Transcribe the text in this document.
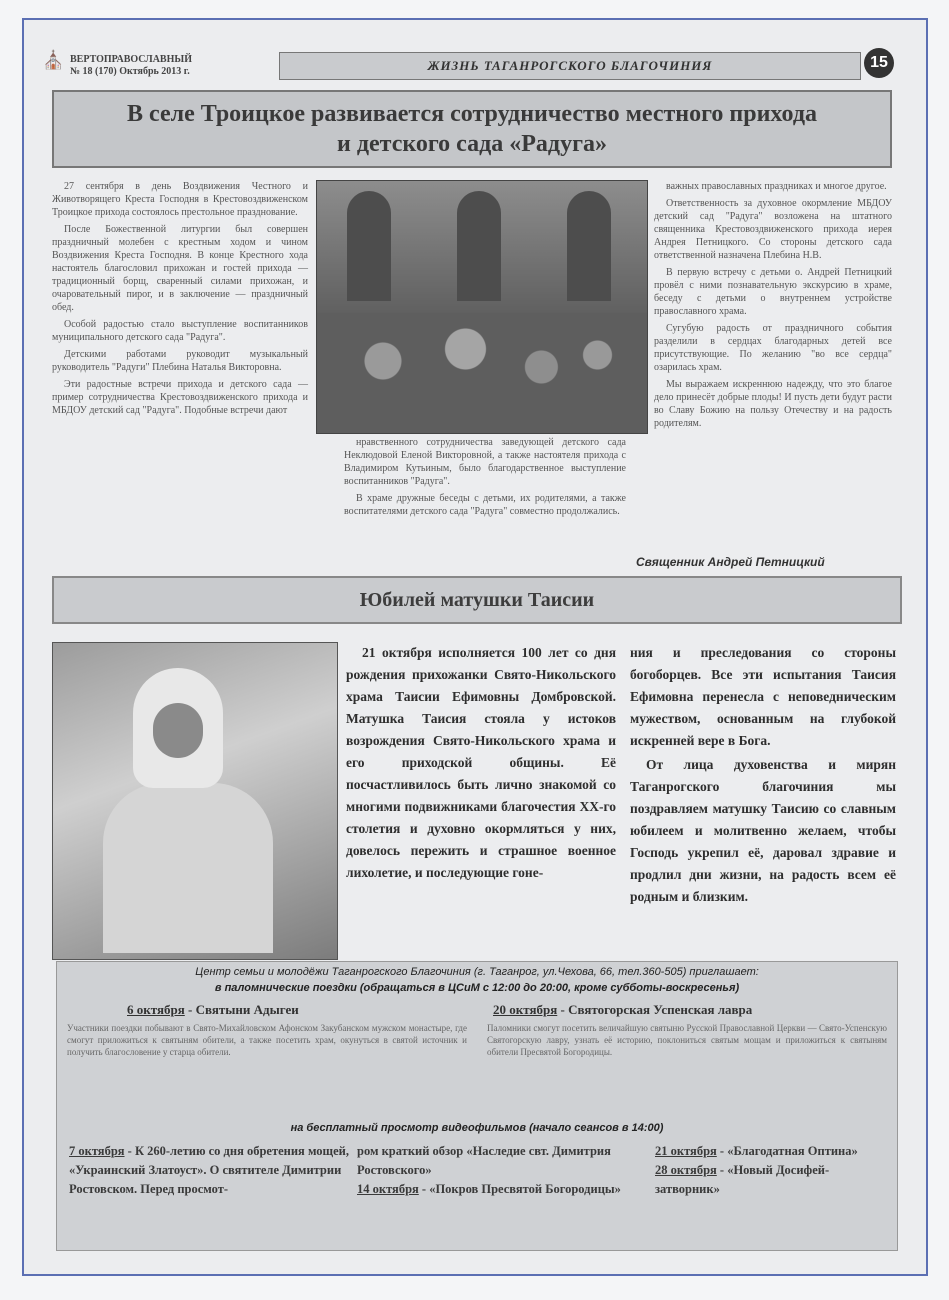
⛪ ВЕРТОПРАВОСЛАВНЫЙ
№ 18 (170) Октябрь 2013 г.	ЖИЗНЬ ТАГАНРОГСКОГО БЛАГОЧИНИЯ	15
В селе Троицкое развивается сотрудничество местного прихода и детского сада «Радуга»

27 сентября в день Воздвижения Честного и Животворящего Креста Господня в Крестовоздвиженском Троицкое прихода состоялось престольное празднование.

После Божественной литургии был совершен праздничный молебен с крестным ходом и чином Воздвижения Креста Господня. В конце Крестного хода настоятель благословил прихожан и гостей прихода — традиционный борщ, сваренный силами прихожан, и очаровательный пирог, и в заключение — праздничный обед.

Особой радостью стало выступление воспитанников муниципального детского сада "Радуга".

Детскими работами руководит музыкальный руководитель "Радуги" Плебина Наталья Викторовна.

Эти радостные встречи прихода и детского сада — пример сотрудничества Крестовоздвиженского прихода и МБДОУ детский сад "Радуга". Подобные встречи дают

нравственного сотрудничества заведующей детского сада Неклюдовой Еленой Викторовной, а также настоятеля прихода с Владимиром Кутьиным, было благодарственное выступление воспитанников "Радуга".

В храме дружные беседы с детьми, их родителями, а также воспитателями детского сада "Радуга" совместно продолжались.

важных православных праздниках и многое другое.

Ответственность за духовное окормление МБДОУ детский сад "Радуга" возложена на штатного священника Крестовоздвиженского прихода иерея Андрея Петницкого. Со стороны детского сада ответственной назначена Плебина Н.В.

В первую встречу с детьми о. Андрей Петницкий провёл с ними познавательную экскурсию в храме, беседу с детьми о внутреннем устройстве православного храма.

Сугубую радость от праздничного события разделили в сердцах благодарных детей все присутствующие. По желанию "во все сердца" озарилась храм.

Мы выражаем искреннюю надежду, что это благое дело принесёт добрые плоды! И пусть дети будут расти во Славу Божию на пользу Отечеству и на радость родителям.

Священник Андрей Петницкий
Юбилей матушки Таисии

21 октября исполняется 100 лет со дня рождения прихожанки Свято-Никольского храма Таисии Ефимовны Домбровской. Матушка Таисия стояла у истоков возрождения Свято-Никольского храма и его приходской общины. Её посчастливилось быть лично знакомой со многими подвижниками благочестия ХХ-го столетия и духовно окормляться у них, довелось пережить и страшное военное лихолетие, и последующие гоне-

ния и преследования со стороны богоборцев. Все эти испытания Таисия Ефимовна перенесла с неповедническим мужеством, основанным на глубокой искренней вере в Бога.

От лица духовенства и мирян Таганрогского благочиния мы поздравляем матушку Таисию со славным юбилеем и молитвенно желаем, чтобы Господь укрепил её, даровал здравие и продлил дни жизни, на радость всем её родным и близким.

Центр семьи и молодёжи Таганрогского Благочиния (г. Таганрог, ул.Чехова, 66, тел.360-505) приглашает:
в паломнические поездки (обращаться в ЦСиМ с 12:00 до 20:00, кроме субботы-воскресенья)
6 октября - Святыни Адыгеи
Участники поездки побывают в Свято-Михайловском Афонском Закубанском мужском монастыре, где смогут приложиться к святыням обители, а также посетить храм, окунуться в святой источник и получить благословение у старца обители.
20 октября - Святогорская Успенская лавра
Паломники смогут посетить величайшую святыню Русской Православной Церкви — Свято-Успенскую Святогорскую лавру, узнать её историю, поклониться святым мощам и приложиться к святыням обители Пресвятой Богородицы.
на бесплатный просмотр видеофильмов (начало сеансов в 14:00)
7 октября - К 260-летию со дня обретения мощей, «Украинский Златоуст». О святителе Димитрии Ростовском. Перед просмот-
ром краткий обзор «Наследие свт. Димитрия Ростовского»
14 октября - «Покров Пресвятой Богородицы»
21 октября - «Благодатная Оптина»
28 октября - «Новый Досифей-затворник»
